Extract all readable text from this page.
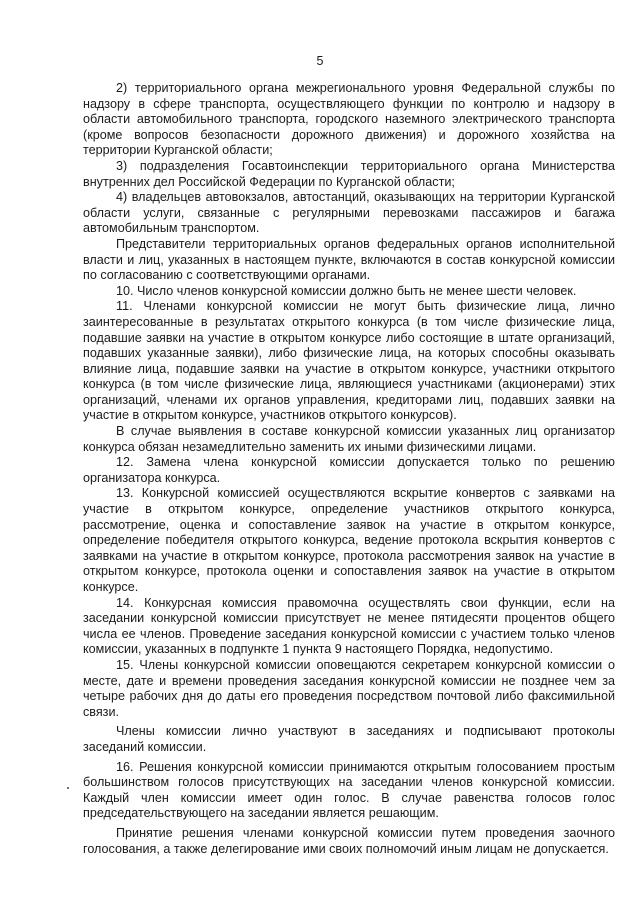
5

2) территориального органа межрегионального уровня Федеральной службы по надзору в сфере транспорта, осуществляющего функции по контролю и надзору в области автомобильного транспорта, городского наземного электрического транспорта (кроме вопросов безопасности дорожного движения) и дорожного хозяйства на территории Курганской области;

3) подразделения Госавтоинспекции территориального органа Министерства внутренних дел Российской Федерации по Курганской области;

4) владельцев автовокзалов, автостанций, оказывающих на территории Курганской области услуги, связанные с регулярными перевозками пассажиров и багажа автомобильным транспортом.

Представители территориальных органов федеральных органов исполнительной власти и лиц, указанных в настоящем пункте, включаются в состав конкурсной комиссии по согласованию с соответствующими органами.

10. Число членов конкурсной комиссии должно быть не менее шести человек.

11. Членами конкурсной комиссии не могут быть физические лица, лично заинтересованные в результатах открытого конкурса (в том числе физические лица, подавшие заявки на участие в открытом конкурсе либо состоящие в штате организаций, подавших указанные заявки), либо физические лица, на которых способны оказывать влияние лица, подавшие заявки на участие в открытом конкурсе, участники открытого конкурса (в том числе физические лица, являющиеся участниками (акционерами) этих организаций, членами их органов управления, кредиторами лиц, подавших заявки на участие в открытом конкурсе, участников открытого конкурсов).

В случае выявления в составе конкурсной комиссии указанных лиц организатор конкурса обязан незамедлительно заменить их иными физическими лицами.

12. Замена члена конкурсной комиссии допускается только по решению организатора конкурса.

13. Конкурсной комиссией осуществляются вскрытие конвертов с заявками на участие в открытом конкурсе, определение участников открытого конкурса, рассмотрение, оценка и сопоставление заявок на участие в открытом конкурсе, определение победителя открытого конкурса, ведение протокола вскрытия конвертов с заявками на участие в открытом конкурсе, протокола рассмотрения заявок на участие в открытом конкурсе, протокола оценки и сопоставления заявок на участие в открытом конкурсе.

14. Конкурсная комиссия правомочна осуществлять свои функции, если на заседании конкурсной комиссии присутствует не менее пятидесяти процентов общего числа ее членов. Проведение заседания конкурсной комиссии с участием только членов комиссии, указанных в подпункте 1 пункта 9 настоящего Порядка, недопустимо.

15. Члены конкурсной комиссии оповещаются секретарем конкурсной комиссии о месте, дате и времени проведения заседания конкурсной комиссии не позднее чем за четыре рабочих дня до даты его проведения посредством почтовой либо факсимильной связи.

Члены комиссии лично участвуют в заседаниях и подписывают протоколы заседаний комиссии.

16. Решения конкурсной комиссии принимаются открытым голосованием простым большинством голосов присутствующих на заседании членов конкурсной комиссии. Каждый член комиссии имеет один голос. В случае равенства голосов голос председательствующего на заседании является решающим.

Принятие решения членами конкурсной комиссии путем проведения заочного голосования, а также делегирование ими своих полномочий иным лицам не допускается.
